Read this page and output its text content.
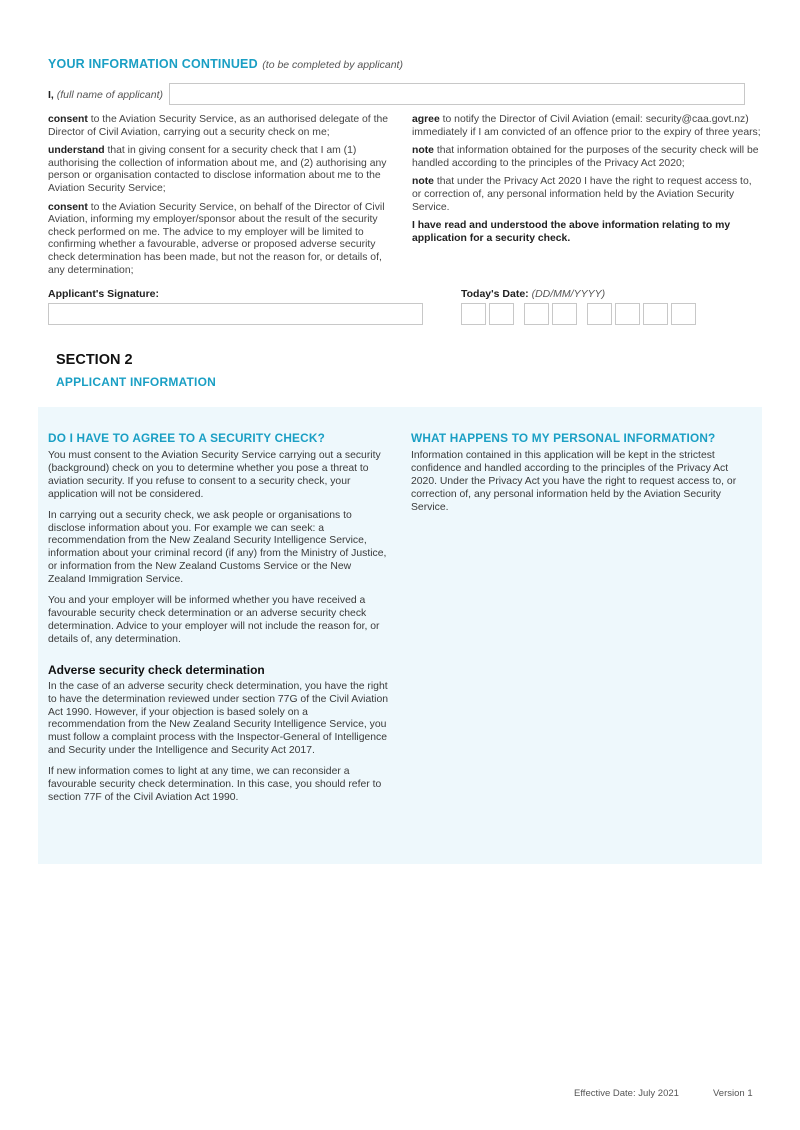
YOUR INFORMATION CONTINUED (to be completed by applicant)
I, (full name of applicant)

consent to the Aviation Security Service, as an authorised delegate of the Director of Civil Aviation, carrying out a security check on me;

understand that in giving consent for a security check that I am (1) authorising the collection of information about me, and (2) authorising any person or organisation contacted to disclose information about me to the Aviation Security Service;

consent to the Aviation Security Service, on behalf of the Director of Civil Aviation, informing my employer/sponsor about the result of the security check performed on me. The advice to my employer will be limited to confirming whether a favourable, adverse or proposed adverse security check determination has been made, but not the reason for, or details of, any determination;

agree to notify the Director of Civil Aviation (email: security@caa.govt.nz) immediately if I am convicted of an offence prior to the expiry of three years;

note that information obtained for the purposes of the security check will be handled according to the principles of the Privacy Act 2020;

note that under the Privacy Act 2020 I have the right to request access to, or correction of, any personal information held by the Aviation Security Service.

I have read and understood the above information relating to my application for a security check.

Applicant's Signature:	Today's Date: (DD/MM/YYYY)
SECTION 2
APPLICANT INFORMATION
DO I HAVE TO AGREE TO A SECURITY CHECK?

You must consent to the Aviation Security Service carrying out a security (background) check on you to determine whether you pose a threat to aviation security. If you refuse to consent to a security check, your application will not be considered.

In carrying out a security check, we ask people or organisations to disclose information about you. For example we can seek: a recommendation from the New Zealand Security Intelligence Service, information about your criminal record (if any) from the Ministry of Justice, or information from the New Zealand Customs Service or the New Zealand Immigration Service.

You and your employer will be informed whether you have received a favourable security check determination or an adverse security check determination. Advice to your employer will not include the reason for, or details of, any determination.

Adverse security check determination

In the case of an adverse security check determination, you have the right to have the determination reviewed under section 77G of the Civil Aviation Act 1990. However, if your objection is based solely on a recommendation from the New Zealand Security Intelligence Service, you must follow a complaint process with the Inspector-General of Intelligence and Security under the Intelligence and Security Act 2017.

If new information comes to light at any time, we can reconsider a favourable security check determination. In this case, you should refer to section 77F of the Civil Aviation Act 1990.

WHAT HAPPENS TO MY PERSONAL INFORMATION?

Information contained in this application will be kept in the strictest confidence and handled according to the principles of the Privacy Act 2020. Under the Privacy Act you have the right to request access to, or correction of, any personal information held by the Aviation Security Service.

Effective Date: July 2021	Version 1
